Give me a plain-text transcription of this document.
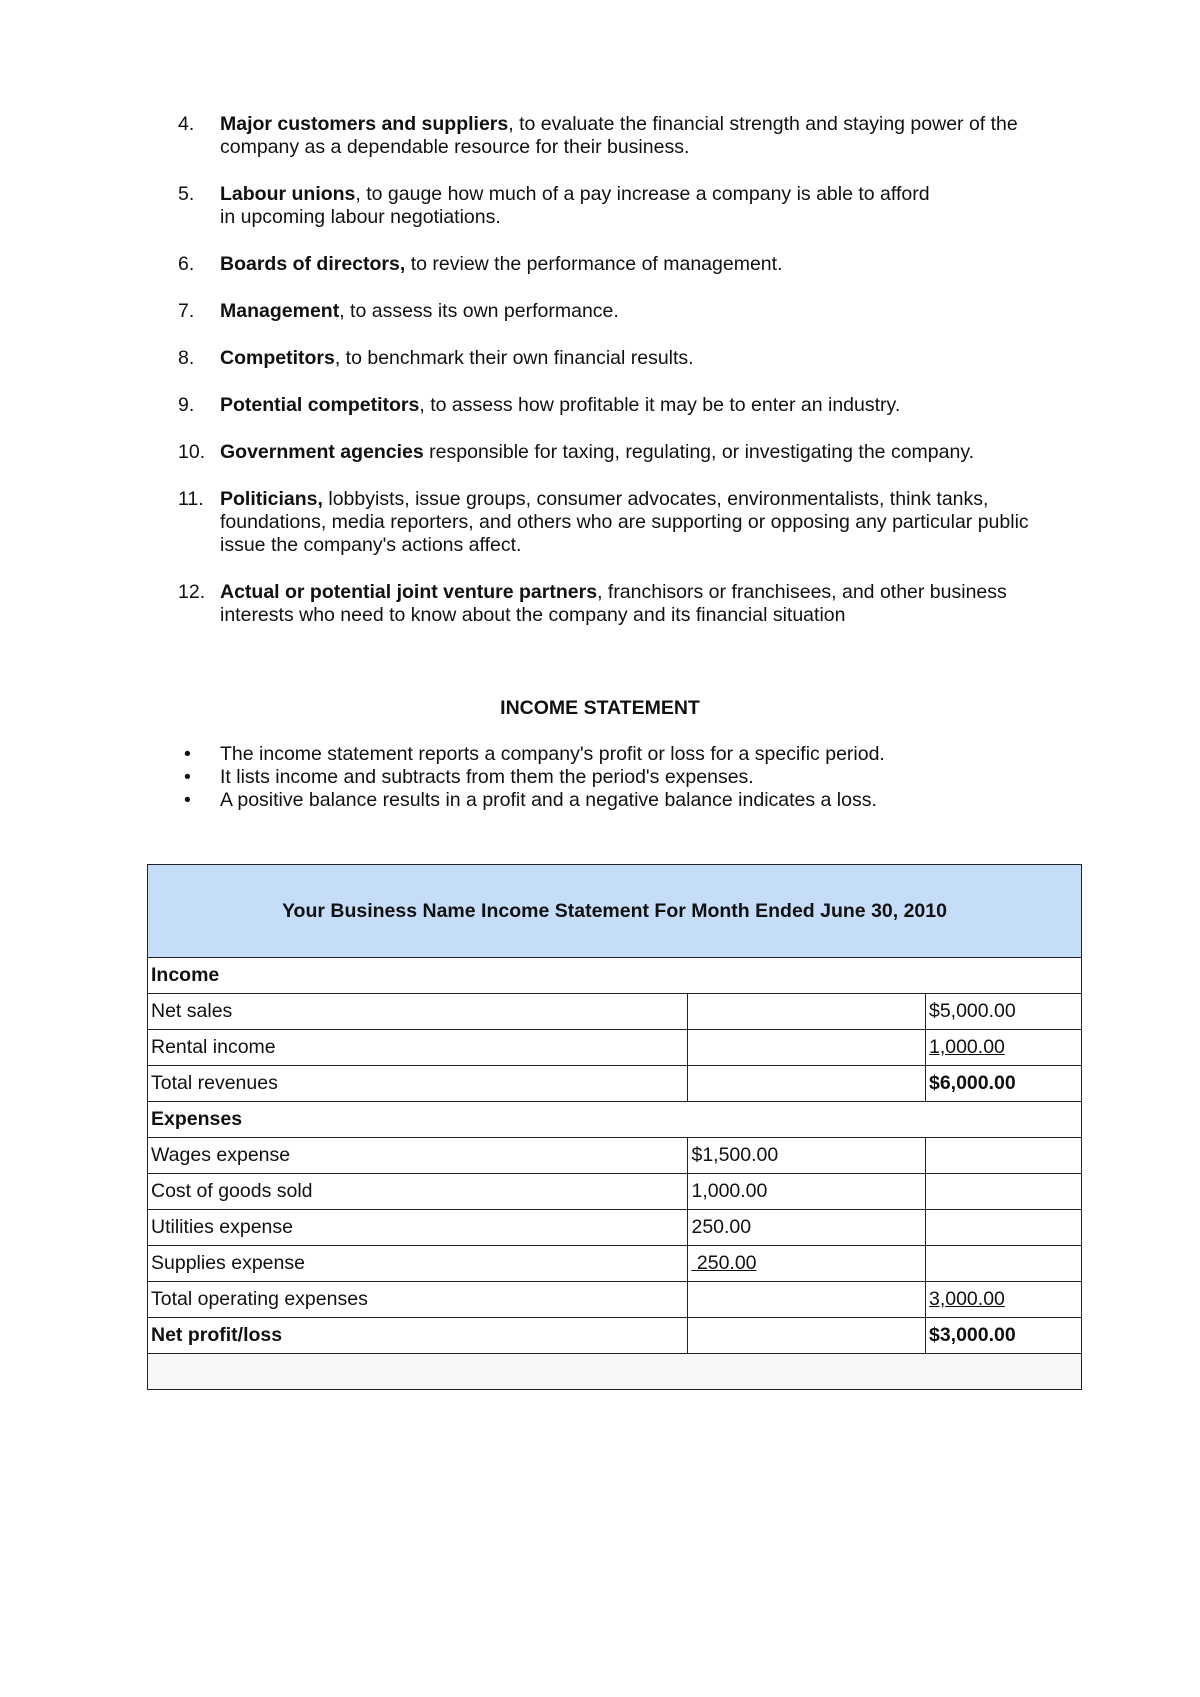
4. Major customers and suppliers, to evaluate the financial strength and staying power of the
company as a dependable resource for their business.
5. Labour unions, to gauge how much of a pay increase a company is able to afford
in upcoming labour negotiations.
6. Boards of directors, to review the performance of management.
7. Management, to assess its own performance.
8. Competitors, to benchmark their own financial results.
9. Potential competitors, to assess how profitable it may be to enter an industry.
10. Government agencies responsible for taxing, regulating, or investigating the company.
11. Politicians, lobbyists, issue groups, consumer advocates, environmentalists, think tanks,
foundations, media reporters, and others who are supporting or opposing any particular public
issue the company's actions affect.
12. Actual or potential joint venture partners, franchisors or franchisees, and other business
interests who need to know about the company and its financial situation
INCOME STATEMENT
• The income statement reports a company's profit or loss for a specific period.
• It lists income and subtracts from them the period's expenses.
• A positive balance results in a profit and a negative balance indicates a loss.
Your Business Name Income Statement For Month Ended June 30, 2010		
Income		
Net sales		$5,000.00
Rental income		1,000.00
Total revenues		$6,000.00
Expenses		
Wages expense	$1,500.00	
Cost of goods sold	1,000.00	
Utilities expense	250.00	
Supplies expense	250.00	
Total operating expenses		3,000.00
Net profit/loss		$3,000.00
